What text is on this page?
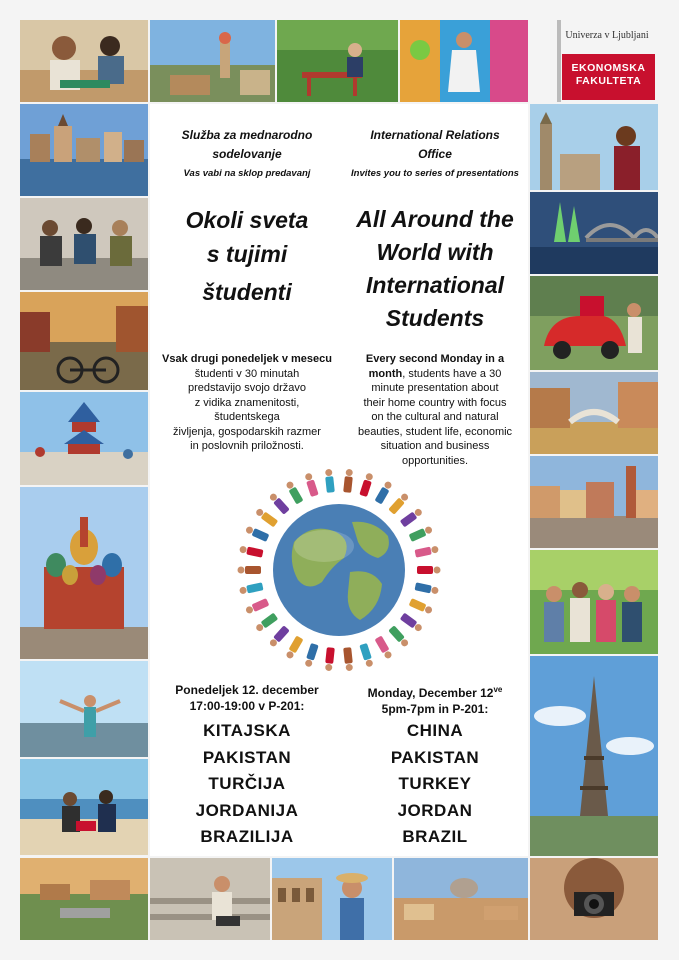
Univerza v Ljubljani
EKONOMSKA
FAKULTETA
Služba za mednarodno
sodelovanje
Vas vabi na sklop predavanj
Okoli sveta
s tujimi
študenti
Vsak drugi ponedeljek v mesecu
študenti v 30 minutah
predstavijo svojo državo
z vidika znamenitosti,
študentskega
življenja, gospodarskih razmer
in poslovnih priložnosti.
International Relations
Office
Invites you to series of presentations
All Around the
World with
International
Students
Every second Monday in a
month, students have a 30
minute presentation about
their home country with focus
on the cultural and natural
beauties, student life, economic
situation and business
opportunities.
Ponedeljek 12. december
17:00-19:00 v P-201:
Monday, December $12^{ve}$
5pm-7pm in P-201:
KITAJSKA
PAKISTAN
TURČIJA
JORDANIJA
BRAZILIJA
CHINA
PAKISTAN
TURKEY
JORDAN
BRAZIL
